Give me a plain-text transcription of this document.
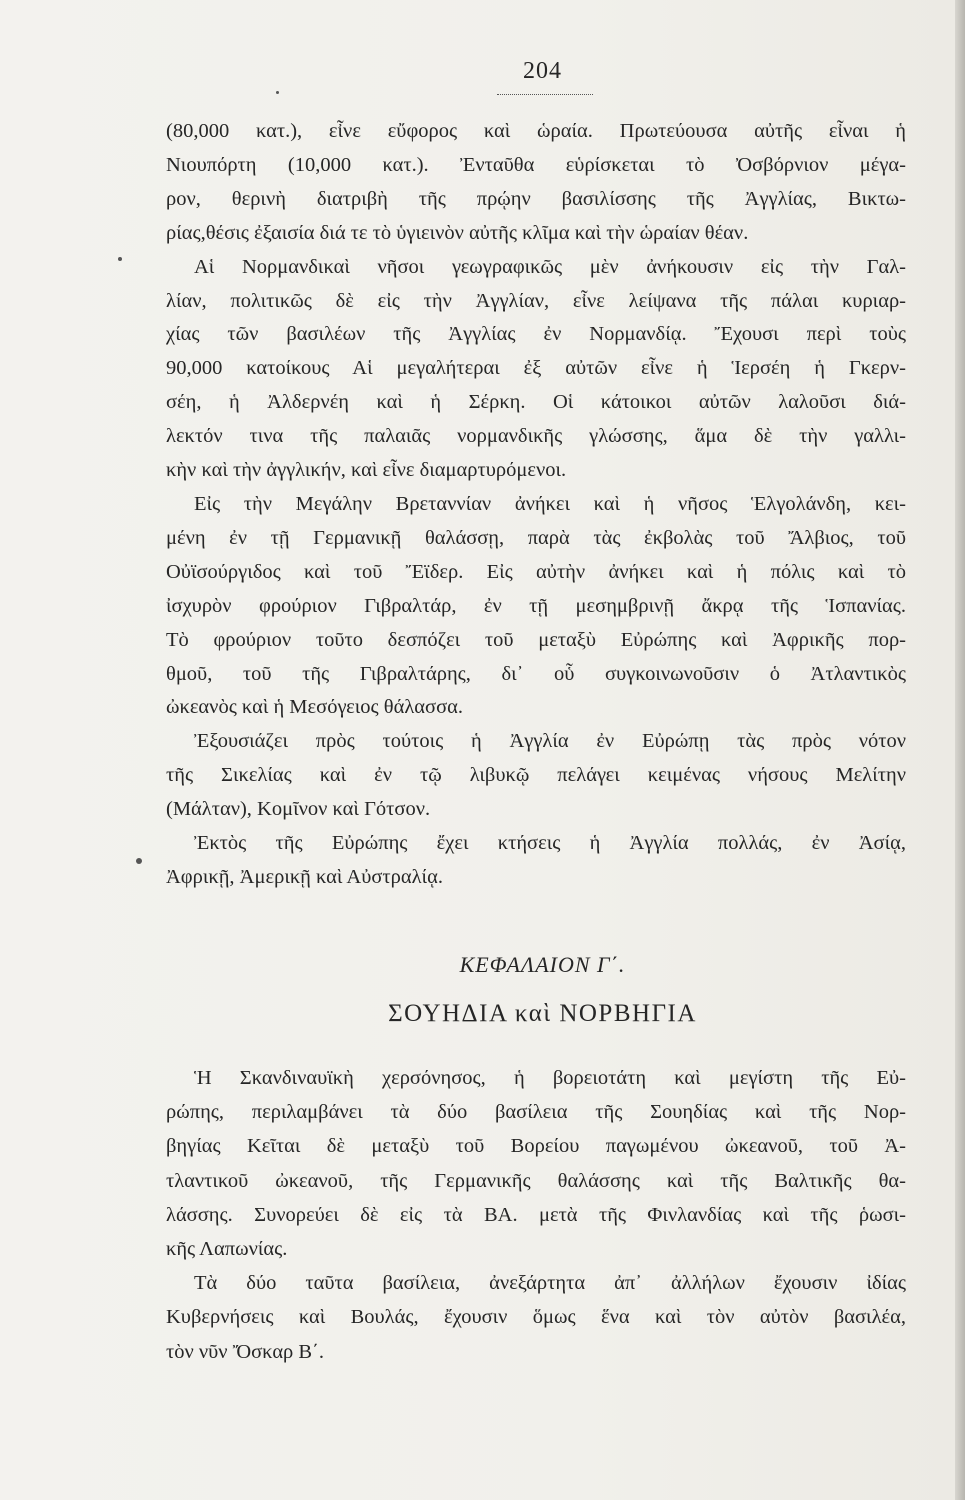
204
(80,000 κατ.), εἶνε εὔφορος καὶ ὡραία. Πρωτεύουσα αὐτῆς εἶναι ἡ
Νιουπόρτη (10,000 κατ.). Ἐνταῦθα εὑρίσκεται τὸ Ὀσβόρνιον μέγα-
ρον, θερινὴ διατριβὴ τῆς πρῴην βασιλίσσης τῆς Ἀγγλίας, Βικτω-
ρίας,θέσις ἐξαισία διά τε τὸ ὑγιεινὸν αὐτῆς κλῖμα καὶ τὴν ὡραίαν θέαν.
Αἱ Νορμανδικαὶ νῆσοι γεωγραφικῶς μὲν ἀνήκουσιν εἰς τὴν Γαλ-
λίαν, πολιτικῶς δὲ εἰς τὴν Ἀγγλίαν, εἶνε λείψανα τῆς πάλαι κυριαρ-
χίας τῶν βασιλέων τῆς Ἀγγλίας ἐν Νορμανδίᾳ. Ἔχουσι περὶ τοὺς
90,000 κατοίκους Αἱ μεγαλήτεραι ἐξ αὐτῶν εἶνε ἡ Ἱερσέη ἡ Γκερν-
σέη, ἡ Ἀλδερνέη καὶ ἡ Σέρκη. Οἱ κάτοικοι αὐτῶν λαλοῦσι διά-
λεκτόν τινα τῆς παλαιᾶς νορμανδικῆς γλώσσης, ἅμα δὲ τὴν γαλλι-
κὴν καὶ τὴν ἀγγλικήν, καὶ εἶνε διαμαρτυρόμενοι.
Εἰς τὴν Μεγάλην Βρεταννίαν ἀνήκει καὶ ἡ νῆσος Ἑλγολάνδη, κει-
μένη ἐν τῇ Γερμανικῇ θαλάσσῃ, παρὰ τὰς ἐκβολὰς τοῦ Ἄλβιος, τοῦ
Οὐϊσούργιδος καὶ τοῦ Ἔϊδερ. Εἰς αὐτὴν ἀνήκει καὶ ἡ πόλις καὶ τὸ
ἰσχυρὸν φρούριον Γιβραλτάρ, ἐν τῇ μεσημβρινῇ ἄκρᾳ τῆς Ἱσπανίας.
Τὸ φρούριον τοῦτο δεσπόζει τοῦ μεταξὺ Εὐρώπης καὶ Ἀφρικῆς πορ-
θμοῦ, τοῦ τῆς Γιβραλτάρης, δι᾽ οὗ συγκοινωνοῦσιν ὁ Ἀτλαντικὸς
ὠκεανὸς καὶ ἡ Μεσόγειος θάλασσα.
Ἐξουσιάζει πρὸς τούτοις ἡ Ἀγγλία ἐν Εὐρώπῃ τὰς πρὸς νότον
τῆς Σικελίας καὶ ἐν τῷ λιβυκῷ πελάγει κειμένας νήσους Μελίτην
(Μάλταν), Κομῖνον καὶ Γότσον.
Ἐκτὸς τῆς Εὐρώπης ἔχει κτήσεις ἡ Ἀγγλία πολλάς, ἐν Ἀσίᾳ,
Ἀφρικῇ, Ἀμερικῇ καὶ Αὐστραλίᾳ.
ΚΕΦΑΛΑΙΟΝ Γ΄.
ΣΟΥΗΔΙΑ καὶ ΝΟΡΒΗΓΙΑ
Ἡ Σκανδιναυϊκὴ χερσόνησος, ἡ βορειοτάτη καὶ μεγίστη τῆς Εὐ-
ρώπης, περιλαμβάνει τὰ δύο βασίλεια τῆς Σουηδίας καὶ τῆς Νορ-
βηγίας Κεῖται δὲ μεταξὺ τοῦ Βορείου παγωμένου ὠκεανοῦ, τοῦ Ἀ-
τλαντικοῦ ὠκεανοῦ, τῆς Γερμανικῆς θαλάσσης καὶ τῆς Βαλτικῆς θα-
λάσσης. Συνορεύει δὲ εἰς τὰ ΒΑ. μετὰ τῆς Φινλανδίας καὶ τῆς ῥωσι-
κῆς Λαπωνίας.
Τὰ δύο ταῦτα βασίλεια, ἀνεξάρτητα ἀπ᾽ ἀλλήλων ἔχουσιν ἰδίας
Κυβερνήσεις καὶ Βουλάς, ἔχουσιν ὅμως ἕνα καὶ τὸν αὐτὸν βασιλέα,
τὸν νῦν Ὄσκαρ Β΄.
